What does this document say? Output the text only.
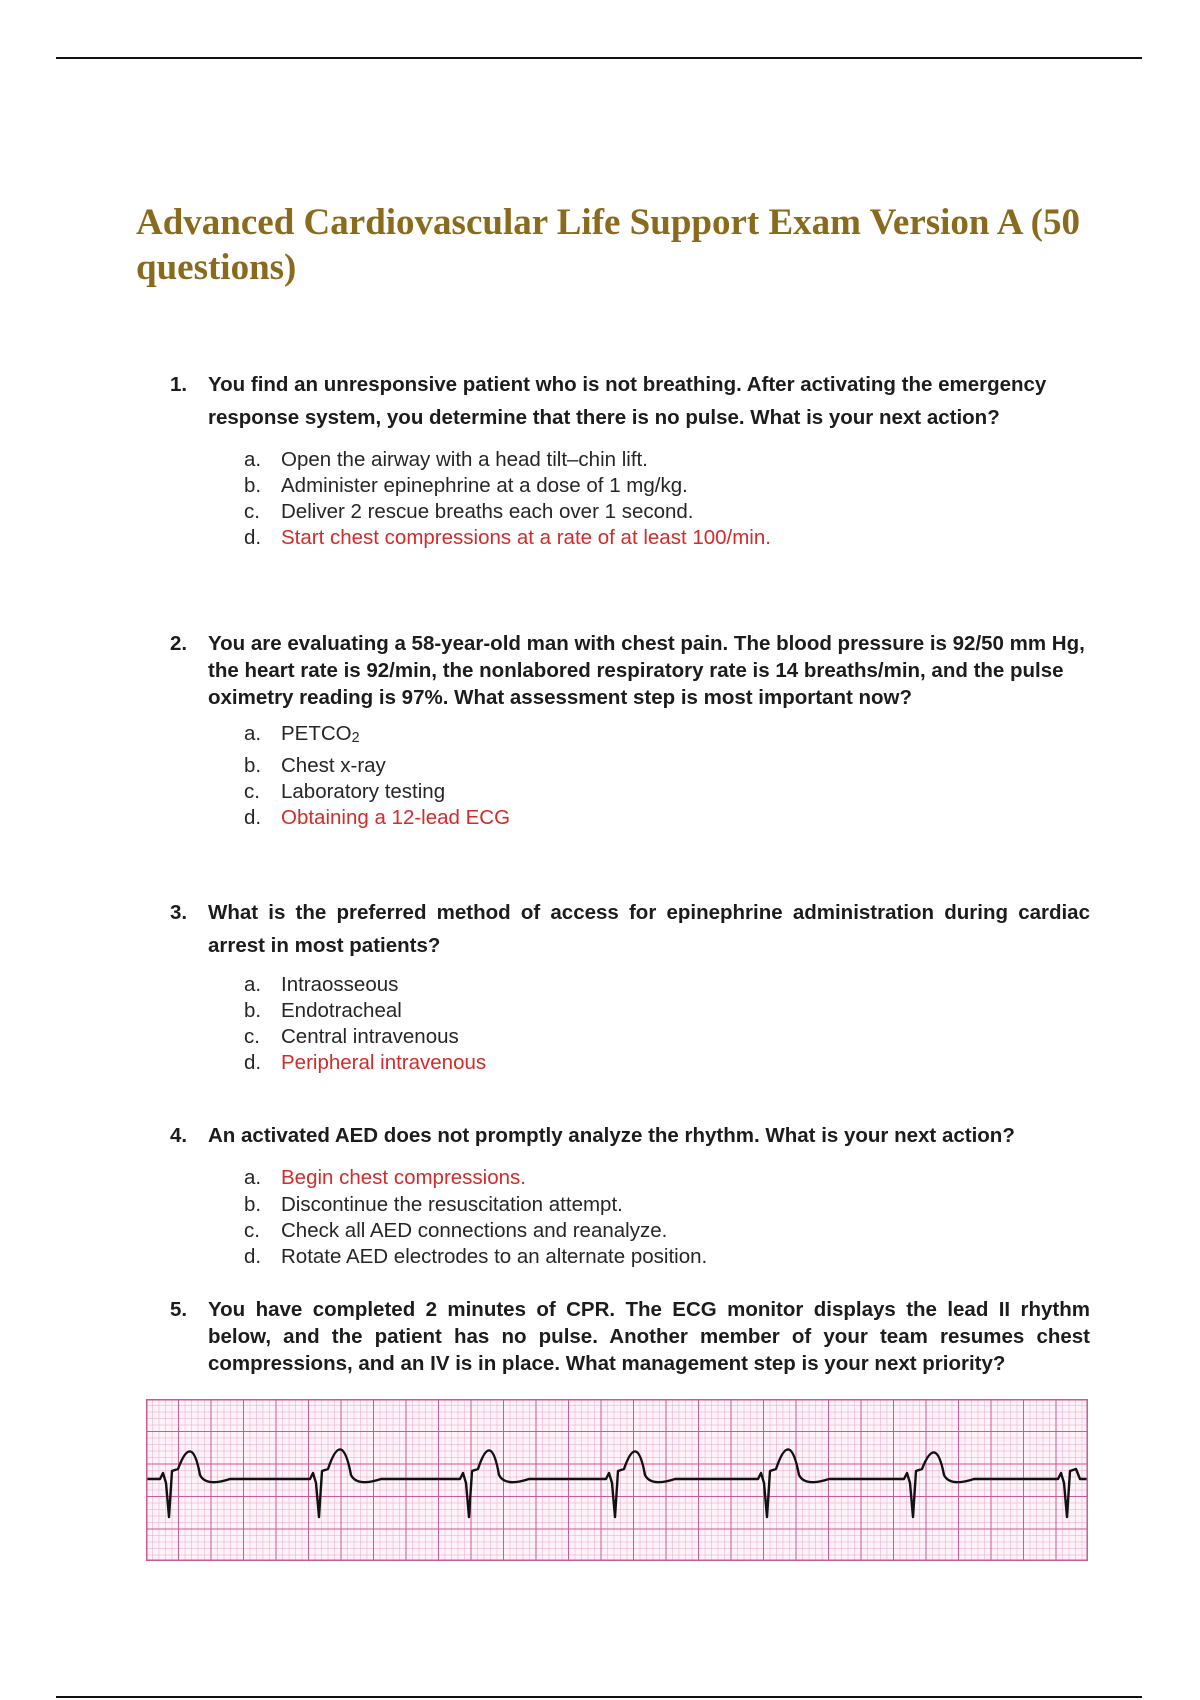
Advanced Cardiovascular Life Support Exam Version A (50 questions)
1.	You find an unresponsive patient who is not breathing. After activating the emergency response system, you determine that there is no pulse. What is your next action?
a. Open the airway with a head tilt–chin lift.
b. Administer epinephrine at a dose of 1 mg/kg.
c.	Deliver 2 rescue breaths each over 1 second.
d. Start chest compressions at a rate of at least 100/min.
2.	You are evaluating a 58-year-old man with chest pain. The blood pressure is 92/50 mm Hg, the heart rate is 92/min, the nonlabored respiratory rate is 14 breaths/min, and the pulse oximetry reading is 97%. What assessment step is most important now?
a. PETCO2
b. Chest x-ray
c.	Laboratory testing
d. Obtaining a 12-lead ECG
3.	What is the preferred method of access for epinephrine administration during cardiac arrest in most patients?
a. Intraosseous
b. Endotracheal
c.	Central intravenous
d. Peripheral intravenous
4.	An activated AED does not promptly analyze the rhythm. What is your next action?
a. Begin chest compressions.
b. Discontinue the resuscitation attempt.
c.	Check all AED connections and reanalyze.
d. Rotate AED electrodes to an alternate position.
5.	You have completed 2 minutes of CPR. The ECG monitor displays the lead II rhythm below, and the patient has no pulse. Another member of your team resumes chest compressions, and an IV is in place. What management step is your next priority?
